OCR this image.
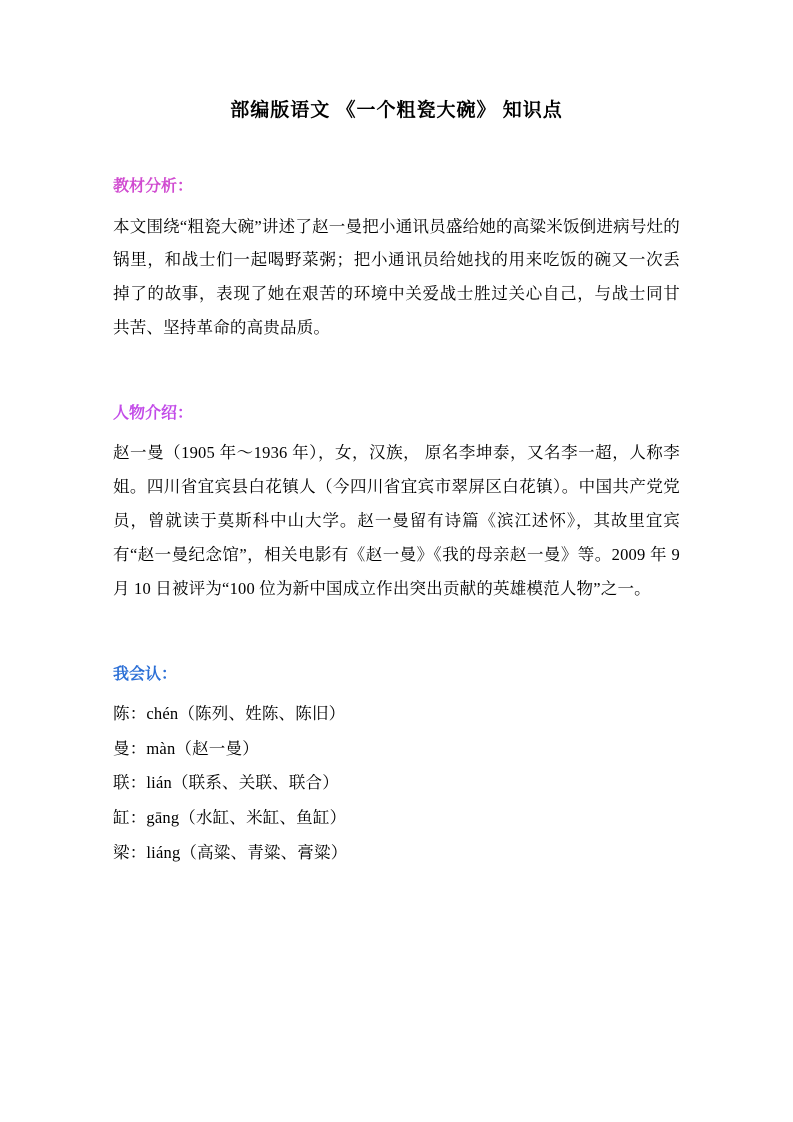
部编版语文 《一个粗瓷大碗》 知识点
教材分析：

本文围绕“粗瓷大碗”讲述了赵一曼把小通讯员盛给她的高粱米饭倒进病号灶的锅里，和战士们一起喝野菜粥；把小通讯员给她找的用来吃饭的碗又一次丢掉了的故事，表现了她在艰苦的环境中关爱战士胜过关心自己，与战士同甘共苦、坚持革命的高贵品质。

人物介绍：

赵一曼（1905 年～1936 年），女，汉族， 原名李坤泰，又名李一超，人称李姐。四川省宜宾县白花镇人（今四川省宜宾市翠屏区白花镇）。中国共产党党员，曾就读于莫斯科中山大学。赵一曼留有诗篇《滨江述怀》，其故里宜宾有“赵一曼纪念馆”，相关电影有《赵一曼》《我的母亲赵一曼》等。2009 年 9 月 10 日被评为“100 位为新中国成立作出突出贡献的英雄模范人物”之一。

我会认：
陈：chén（陈列、姓陈、陈旧）
曼：màn（赵一曼）
联：lián（联系、关联、联合）
缸：gāng（水缸、米缸、鱼缸）
梁：liáng（高粱、青粱、膏粱）
